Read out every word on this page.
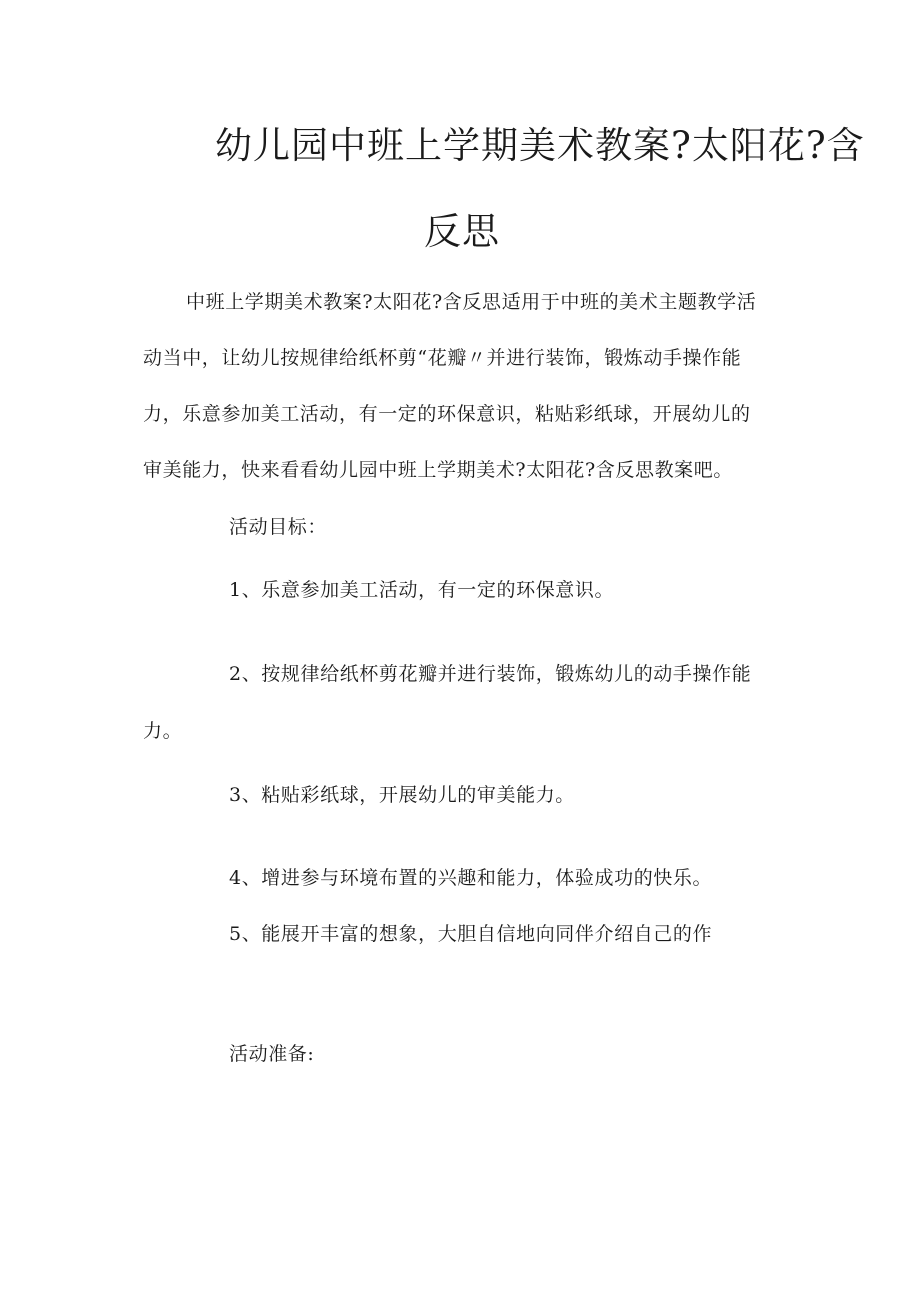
幼儿园中班上学期美术教案?太阳花?含
反思
中班上学期美术教案?太阳花?含反思适用于中班的美术主题教学活
动当中，让幼儿按规律给纸杯剪“花瓣〃并进行装饰，锻炼动手操作能
力，乐意参加美工活动，有一定的环保意识，粘贴彩纸球，开展幼儿的
审美能力，快来看看幼儿园中班上学期美术?太阳花?含反思教案吧。
活动目标：
1、乐意参加美工活动，有一定的环保意识。
2、按规律给纸杯剪花瓣并进行装饰，锻炼幼儿的动手操作能
力。
3、粘贴彩纸球，开展幼儿的审美能力。
4、增进参与环境布置的兴趣和能力，体验成功的快乐。
5、能展开丰富的想象，大胆自信地向同伴介绍自己的作
活动准备:
